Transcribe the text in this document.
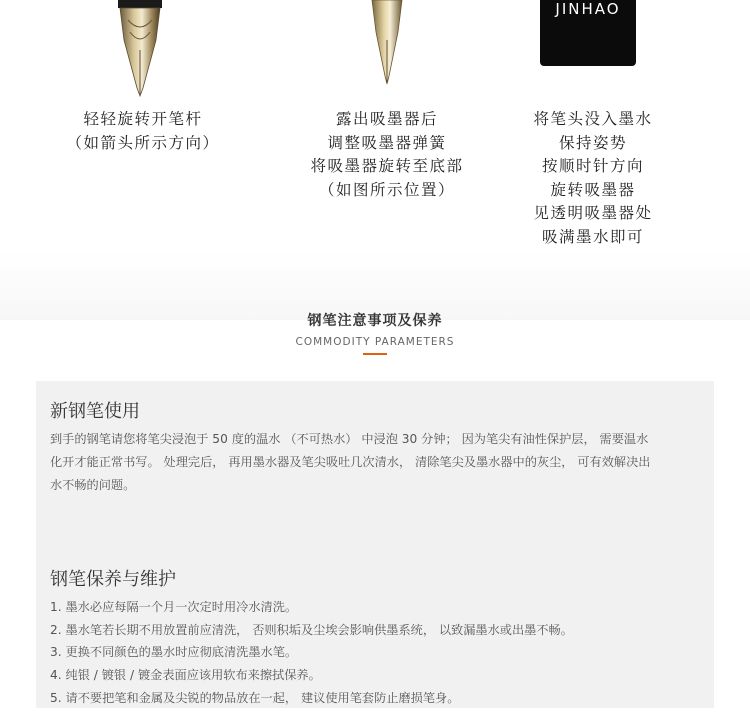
JINHAO
轻轻旋转开笔杆
（如箭头所示方向）
露出吸墨器后
调整吸墨器弹簧
将吸墨器旋转至底部
（如图所示位置）
将笔头没入墨水
保持姿势
按顺时针方向
旋转吸墨器
见透明吸墨器处
吸满墨水即可
钢笔注意事项及保养
COMMODITY PARAMETERS
新钢笔使用
到手的钢笔请您将笔尖浸泡于 50 度的温水 （不可热水） 中浸泡 30 分钟； 因为笔尖有油性保护层， 需要温水
化开才能正常书写。 处理完后， 再用墨水器及笔尖吸吐几次清水， 清除笔尖及墨水器中的灰尘， 可有效解决出
水不畅的问题。
钢笔保养与维护
1. 墨水必应每隔一个月一次定时用冷水清洗。
2. 墨水笔若长期不用放置前应清洗， 否则积垢及尘埃会影响供墨系统， 以致漏墨水或出墨不畅。
3. 更换不同颜色的墨水时应彻底清洗墨水笔。
4. 纯银 / 镀银 / 镀金表面应该用软布来擦拭保养。
5. 请不要把笔和金属及尖锐的物品放在一起， 建议使用笔套防止磨损笔身。
